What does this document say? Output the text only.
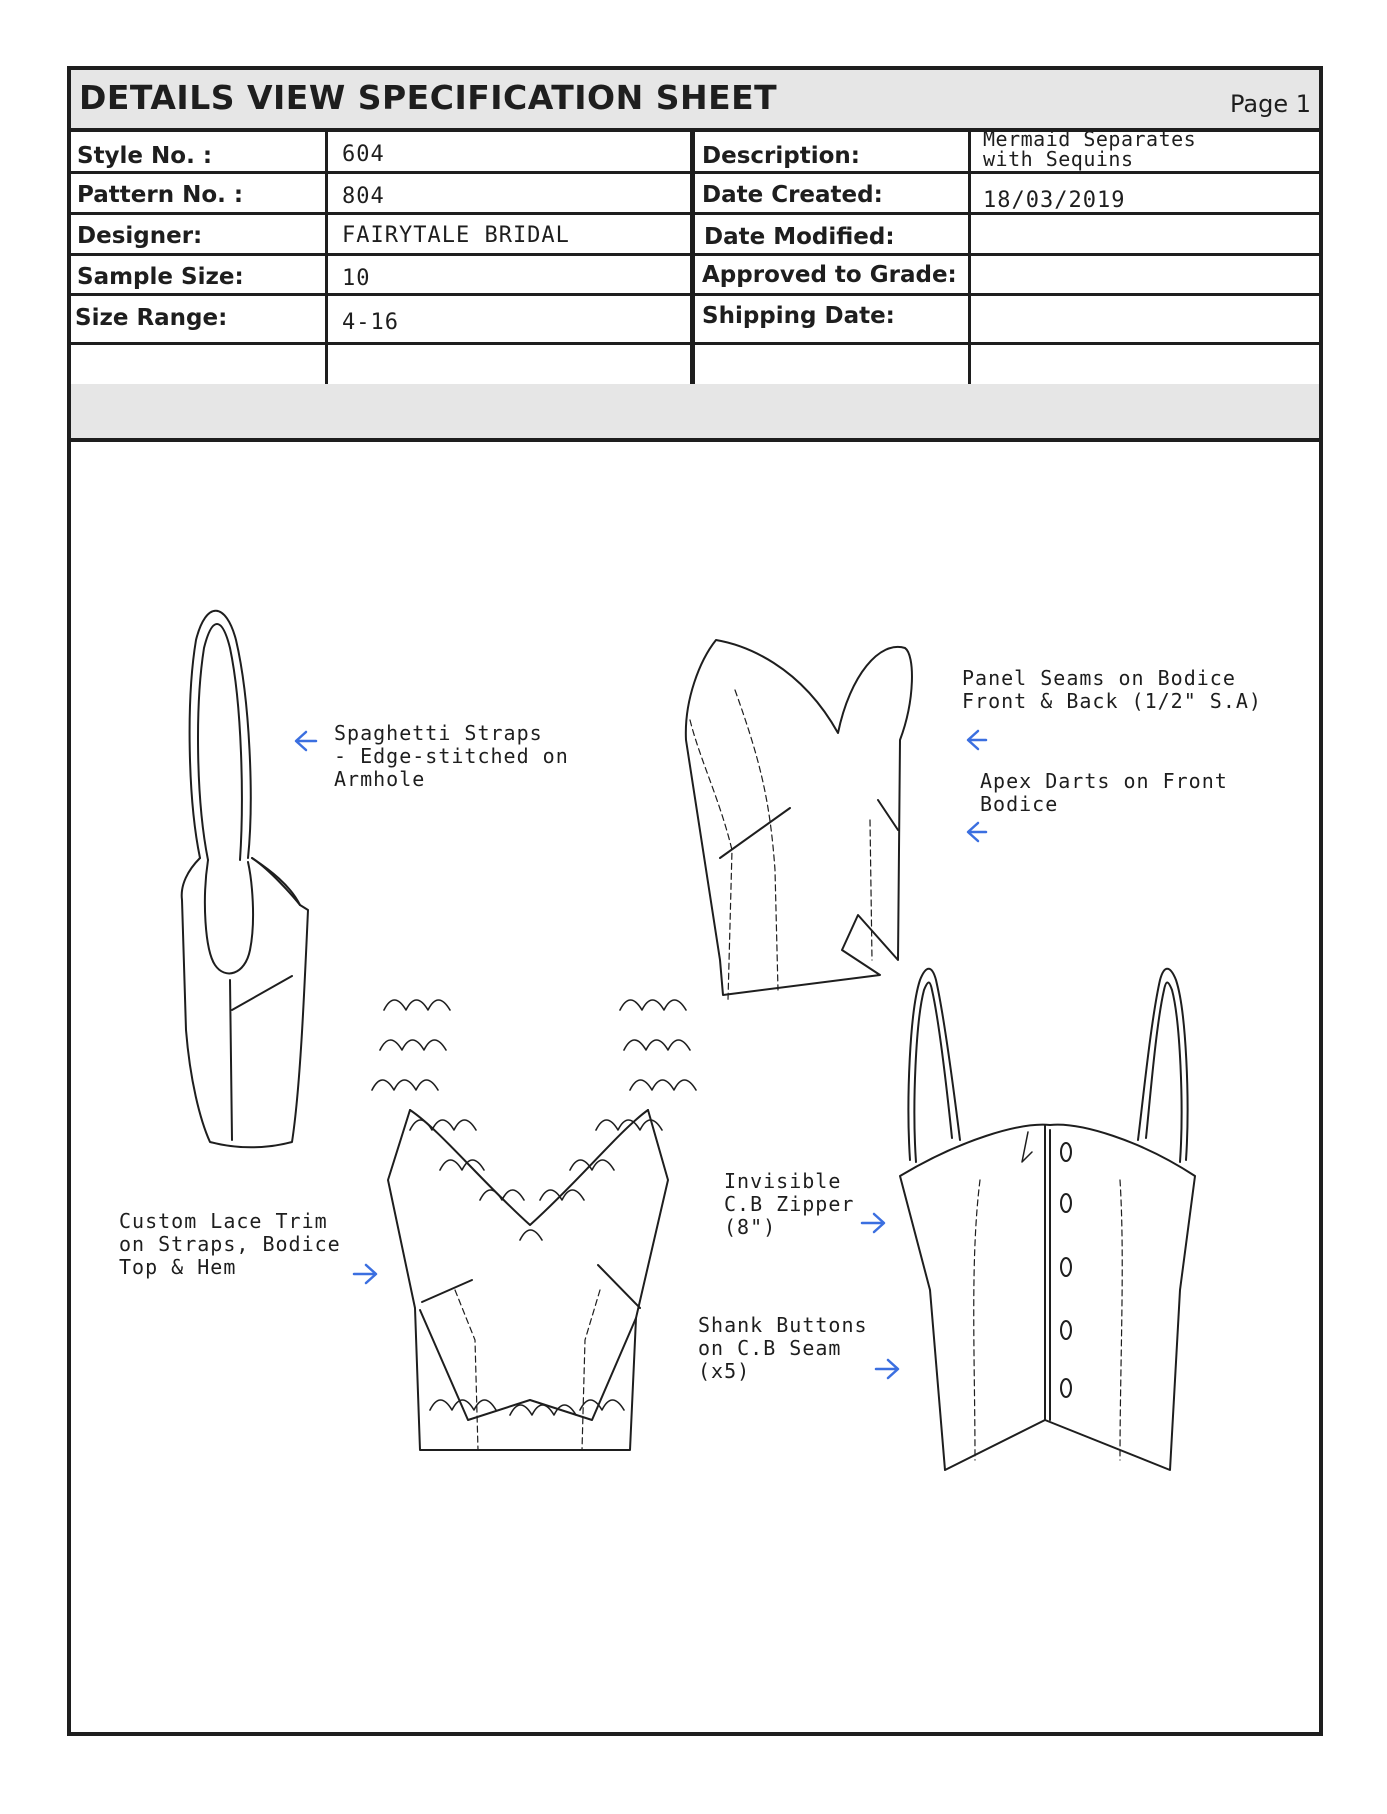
DETAILS VIEW SPECIFICATION SHEET	Page 1
Style No. :
Pattern No. :
Designer:
Sample Size:
Size Range:
604
804
FAIRYTALE BRIDAL
10
4-16
Description:
Date Created:
Date Modified:
Approved to Grade:
Shipping Date:
Mermaid Separates
with Sequins
18/03/2019
Spaghetti Straps
- Edge-stitched on
Armhole
Panel Seams on Bodice
Front & Back (1/2" S.A)
Apex Darts on Front
Bodice
Custom Lace Trim
on Straps, Bodice
Top & Hem
Invisible
C.B Zipper
(8")
Shank Buttons
on C.B Seam
(x5)
